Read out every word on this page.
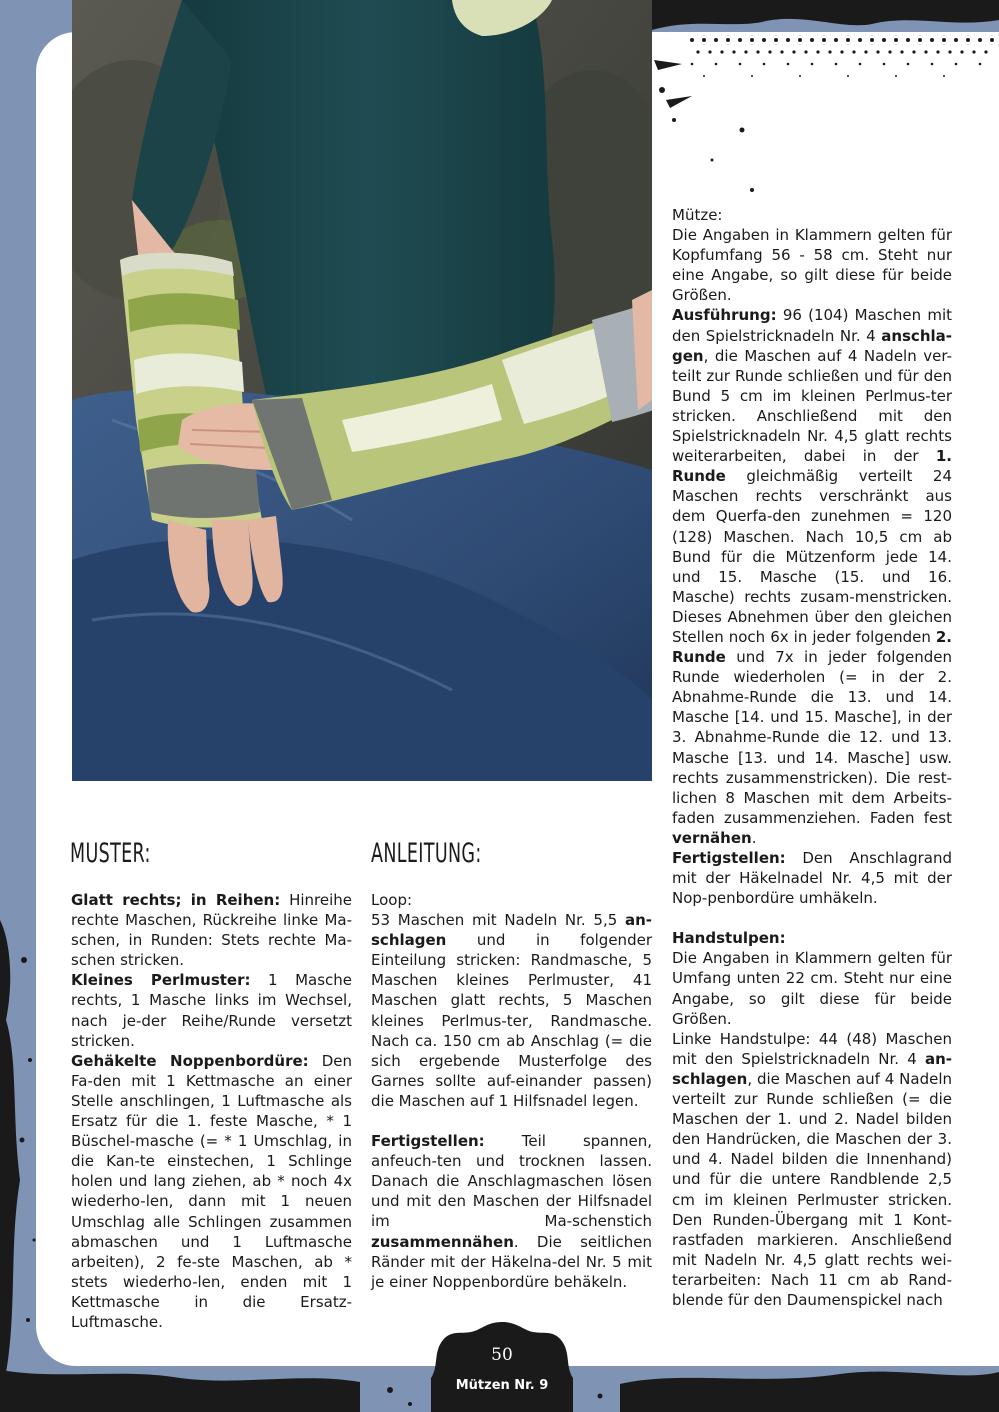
MUSTER:	ANLEITUNG:

Glatt rechts; in Reihen: Hinreihe rechte Maschen, Rückreihe linke Ma-schen, in Runden: Stets rechte Ma-schen stricken.

Kleines Perlmuster: 1 Masche rechts, 1 Masche links im Wechsel, nach je-der Reihe/Runde versetzt stricken.

Gehäkelte Noppenbordüre: Den Fa-den mit 1 Kettmasche an einer Stelle anschlingen, 1 Luftmasche als Ersatz für die 1. feste Masche, * 1 Büschel-masche (= * 1 Umschlag, in die Kan-te einstechen, 1 Schlinge holen und lang ziehen, ab * noch 4x wiederho-len, dann mit 1 neuen Umschlag alle Schlingen zusammen abmaschen und 1 Luftmasche arbeiten), 2 fe-ste Maschen, ab * stets wiederho-len, enden mit 1 Kettmasche in die Ersatz-Luftmasche.

Loop:

53 Maschen mit Nadeln Nr. 5,5 an-schlagen und in folgender Einteilung stricken: Randmasche, 5 Maschen kleines Perlmuster, 41 Maschen glatt rechts, 5 Maschen kleines Perlmus-ter, Randmasche. Nach ca. 150 cm ab Anschlag (= die sich ergebende Musterfolge des Garnes sollte auf-einander passen) die Maschen auf 1 Hilfsnadel legen.

Fertigstellen: Teil spannen, anfeuch-ten und trocknen lassen. Danach die Anschlagmaschen lösen und mit den Maschen der Hilfsnadel im Ma-schenstich zusammennähen. Die seitlichen Ränder mit der Häkelna-del Nr. 5 mit je einer Noppenbordüre behäkeln.

Mütze:

Die Angaben in Klammern gelten für Kopfumfang 56 - 58 cm. Steht nur eine Angabe, so gilt diese für beide Größen.

Ausführung: 96 (104) Maschen mit den Spielstricknadeln Nr. 4 anschla-gen, die Maschen auf 4 Nadeln ver-teilt zur Runde schließen und für den Bund 5 cm im kleinen Perlmus-ter stricken. Anschließend mit den Spielstricknadeln Nr. 4,5 glatt rechts weiterarbeiten, dabei in der 1. Runde gleichmäßig verteilt 24 Maschen rechts verschränkt aus dem Querfa-den zunehmen = 120 (128) Maschen. Nach 10,5 cm ab Bund für die Mützenform jede 14. und 15. Masche (15. und 16. Masche) rechts zusam-menstricken. Dieses Abnehmen über den gleichen Stellen noch 6x in jeder folgenden 2. Runde und 7x in jeder folgenden Runde wiederholen (= in der 2. Abnahme-Runde die 13. und 14. Masche [14. und 15. Masche], in der 3. Abnahme-Runde die 12. und 13. Masche [13. und 14. Masche] usw. rechts zusammenstricken). Die rest-lichen 8 Maschen mit dem Arbeits-faden zusammenziehen. Faden fest vernähen.

Fertigstellen: Den Anschlagrand mit der Häkelnadel Nr. 4,5 mit der Nop-penbordüre umhäkeln.

Handstulpen:

Die Angaben in Klammern gelten für Umfang unten 22 cm. Steht nur eine Angabe, so gilt diese für beide Größen.

Linke Handstulpe: 44 (48) Maschen mit den Spielstricknadeln Nr. 4 an-schlagen, die Maschen auf 4 Nadeln verteilt zur Runde schließen (= die Maschen der 1. und 2. Nadel bilden den Handrücken, die Maschen der 3. und 4. Nadel bilden die Innenhand) und für die untere Randblende 2,5 cm im kleinen Perlmuster stricken. Den Runden-Übergang mit 1 Kont-rastfaden markieren. Anschließend mit Nadeln Nr. 4,5 glatt rechts wei-terarbeiten: Nach 11 cm ab Rand-blende für den Daumenspickel nach

50
Mützen Nr. 9
